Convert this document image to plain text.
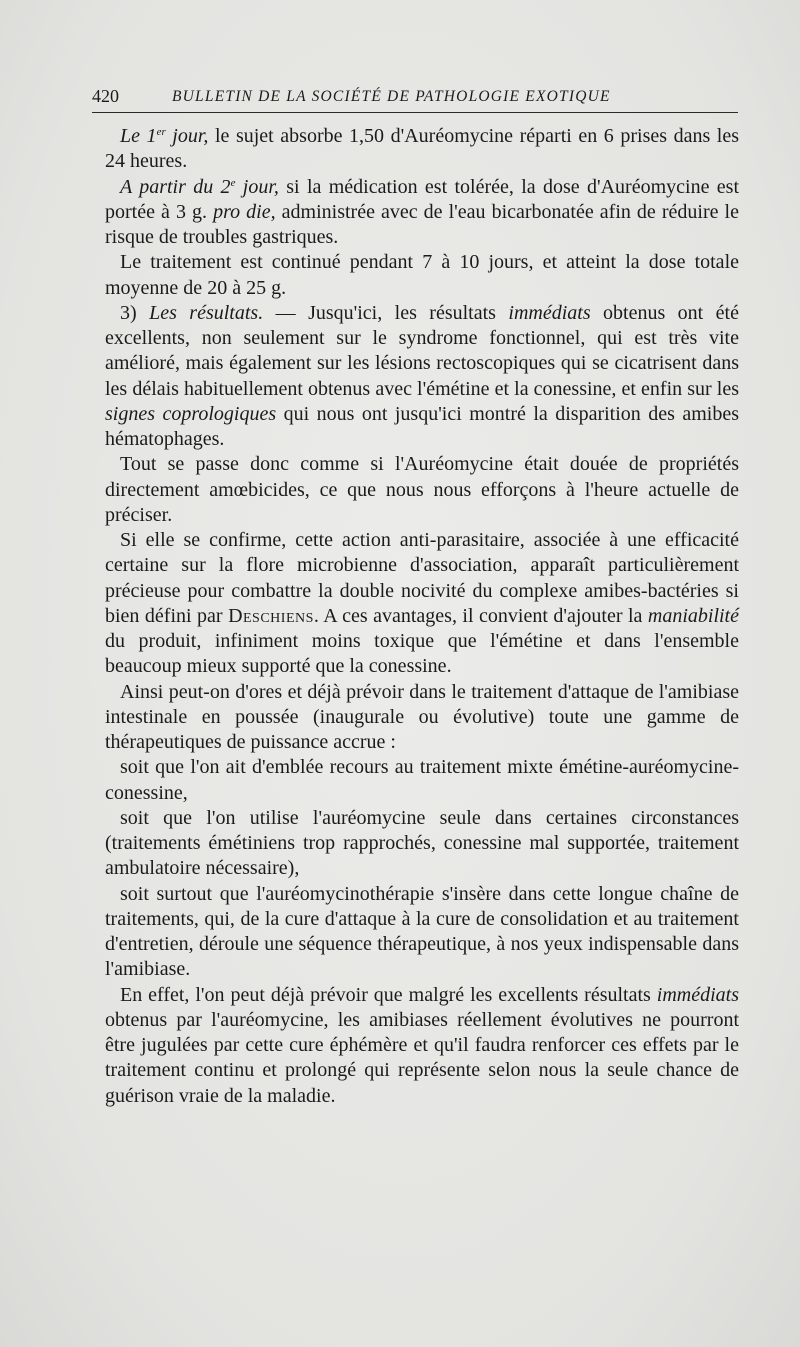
420	BULLETIN DE LA SOCIÉTÉ DE PATHOLOGIE EXOTIQUE

Le 1er jour, le sujet absorbe 1,50 d'Auréomycine réparti en 6 prises dans les 24 heures.

A partir du 2e jour, si la médication est tolérée, la dose d'Auréomycine est portée à 3 g. pro die, administrée avec de l'eau bicarbonatée afin de réduire le risque de troubles gastriques.

Le traitement est continué pendant 7 à 10 jours, et atteint la dose totale moyenne de 20 à 25 g.

3) Les résultats. — Jusqu'ici, les résultats immédiats obtenus ont été excellents, non seulement sur le syndrome fonctionnel, qui est très vite amélioré, mais également sur les lésions rectoscopiques qui se cicatrisent dans les délais habituellement obtenus avec l'émétine et la conessine, et enfin sur les signes coprologiques qui nous ont jusqu'ici montré la disparition des amibes hématophages.

Tout se passe donc comme si l'Auréomycine était douée de propriétés directement amœbicides, ce que nous nous efforçons à l'heure actuelle de préciser.

Si elle se confirme, cette action anti-parasitaire, associée à une efficacité certaine sur la flore microbienne d'association, apparaît particulièrement précieuse pour combattre la double nocivité du complexe amibes-bactéries si bien défini par Deschiens. A ces avantages, il convient d'ajouter la maniabilité du produit, infiniment moins toxique que l'émétine et dans l'ensemble beaucoup mieux supporté que la conessine.

Ainsi peut-on d'ores et déjà prévoir dans le traitement d'attaque de l'amibiase intestinale en poussée (inaugurale ou évolutive) toute une gamme de thérapeutiques de puissance accrue :

soit que l'on ait d'emblée recours au traitement mixte émétine-auréomycine-conessine,

soit que l'on utilise l'auréomycine seule dans certaines circonstances (traitements émétiniens trop rapprochés, conessine mal supportée, traitement ambulatoire nécessaire),

soit surtout que l'auréomycinothérapie s'insère dans cette longue chaîne de traitements, qui, de la cure d'attaque à la cure de consolidation et au traitement d'entretien, déroule une séquence thérapeutique, à nos yeux indispensable dans l'amibiase.

En effet, l'on peut déjà prévoir que malgré les excellents résultats immédiats obtenus par l'auréomycine, les amibiases réellement évolutives ne pourront être jugulées par cette cure éphémère et qu'il faudra renforcer ces effets par le traitement continu et prolongé qui représente selon nous la seule chance de guérison vraie de la maladie.
